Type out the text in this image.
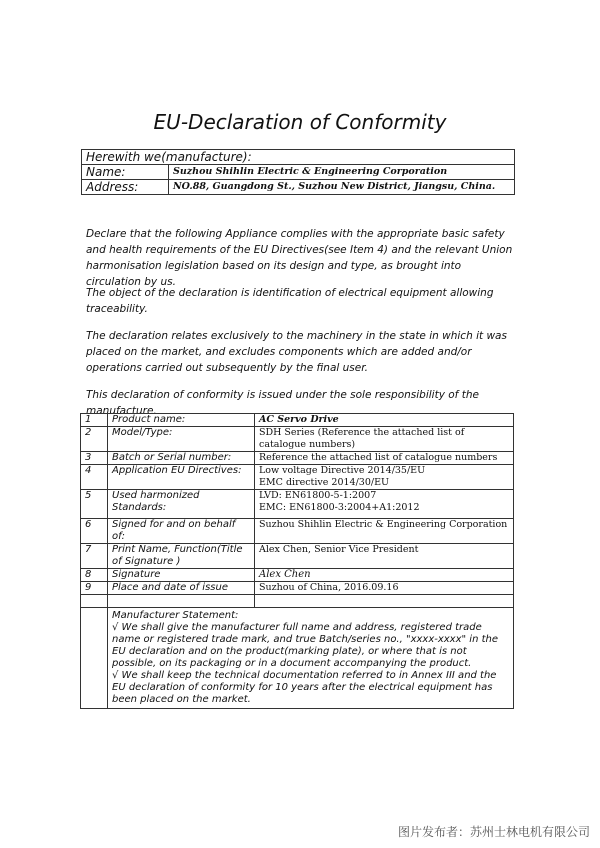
EU-Declaration of Conformity
Herewith we(manufacture):	
Name:	Suzhou Shihlin Electric & Engineering Corporation
Address:	NO.88, Guangdong St., Suzhou New District, Jiangsu, China.
Declare that the following Appliance complies with the appropriate basic safety and health requirements of the EU Directives(see Item 4) and the relevant Union harmonisation legislation based on its design and type, as brought into circulation by us.
The object of the declaration is identification of electrical equipment allowing traceability.
The declaration relates exclusively to the machinery in the state in which it was placed on the market, and excludes components which are added and/or operations carried out subsequently by the final user.
This declaration of conformity is issued under the sole responsibility of the manufacture.
1	Product name:	AC Servo Drive
2	Model/Type:	SDH Series (Reference the attached list of catalogue numbers)
3	Batch or Serial number:	Reference the attached list of catalogue numbers
4	Application EU Directives:	Low voltage Directive 2014/35/EU
EMC directive 2014/30/EU

5	Used harmonized Standards:	LVD: EN61800-5-1:2007
EMC: EN61800-3:2004+A1:2012

6	Signed for and on behalf of:	Suzhou Shihlin Electric & Engineering Corporation
7	Print Name, Function(Title of Signature )	Alex Chen, Senior Vice President
8	Signature	Alex Chen
9	Place and date of issue	Suzhou of China, 2016.09.16

	Manufacturer Statement:
√ We shall give the manufacturer full name and address, registered trade name or registered trade mark, and true Batch/series no., "xxxx-xxxx" in the EU declaration and on the product(marking plate), or where that is not possible, on its packaging or in a document accompanying the product.
√ We shall keep the technical documentation referred to in Annex III and the EU declaration of conformity for 10 years after the electrical equipment has been placed on the market.	
图片发布者：苏州士林电机有限公司
